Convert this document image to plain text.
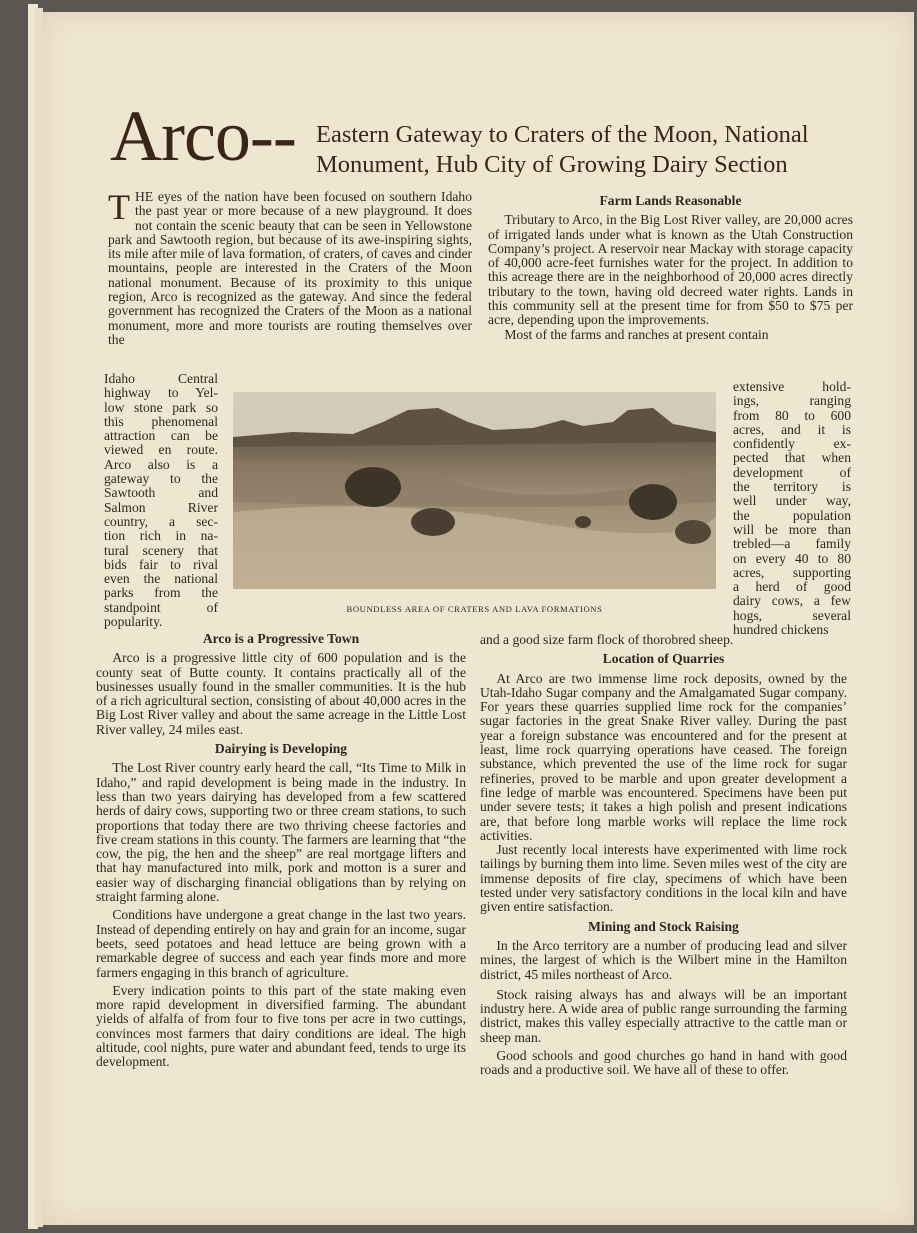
Arco-- Eastern Gateway to Craters of the Moon, National
Monument, Hub City of Growing Dairy Section

THE eyes of the nation have been focused on southern Idaho the past year or more because of a new playground. It does not contain the scenic beauty that can be seen in Yellowstone park and Sawtooth region, but because of its awe-inspiring sights, its mile after mile of lava formation, of craters, of caves and cinder mountains, people are interested in the Craters of the Moon national monument. Because of its proximity to this unique region, Arco is recognized as the gateway. And since the federal government has recognized the Craters of the Moon as a national monument, more and more tourists are routing themselves over the

Idaho Central
highway to Yel-
low stone park so
this phenomenal
attraction can be
viewed en route.
Arco also is a
gateway to the
Sawtooth and
Salmon River
country, a sec-
tion rich in na-
tural scenery that
bids fair to rival
even the national
parks from the
standpoint of
popularity.
BOUNDLESS AREA OF CRATERS AND LAVA FORMATIONS
Arco is a Progressive Town

Arco is a progressive little city of 600 population and is the county seat of Butte county. It contains practically all of the businesses usually found in the smaller communities. It is the hub of a rich agricultural section, consisting of about 40,000 acres in the Big Lost River valley and about the same acreage in the Little Lost River valley, 24 miles east.

Dairying is Developing

The Lost River country early heard the call, “Its Time to Milk in Idaho,” and rapid development is being made in the industry. In less than two years dairying has developed from a few scattered herds of dairy cows, supporting two or three cream stations, to such proportions that today there are two thriving cheese factories and five cream stations in this county. The farmers are learning that “the cow, the pig, the hen and the sheep” are real mortgage lifters and that hay manufactured into milk, pork and motton is a surer and easier way of discharging financial obligations than by relying on straight farming alone.

Conditions have undergone a great change in the last two years. Instead of depending entirely on hay and grain for an income, sugar beets, seed potatoes and head lettuce are being grown with a remarkable degree of success and each year finds more and more farmers engaging in this branch of agriculture.

Every indication points to this part of the state making even more rapid development in diversified farming. The abundant yields of alfalfa of from four to five tons per acre in two cuttings, convinces most farmers that dairy conditions are ideal. The high altitude, cool nights, pure water and abundant feed, tends to urge its development.

Farm Lands Reasonable

Tributary to Arco, in the Big Lost River valley, are 20,000 acres of irrigated lands under what is known as the Utah Construction Company’s project. A reservoir near Mackay with storage capacity of 40,000 acre-feet furnishes water for the project. In addition to this acreage there are in the neighborhood of 20,000 acres directly tributary to the town, having old decreed water rights. Lands in this community sell at the present time for from $50 to $75 per acre, depending upon the improvements.

Most of the farms and ranches at present contain

extensive hold-
ings, ranging
from 80 to 600
acres, and it is
confidently ex-
pected that when
development of
the territory is
well under way,
the population
will be more than
trebled—a family
on every 40 to 80
acres, supporting
a herd of good
dairy cows, a few
hogs, several
hundred chickens

and a good size farm flock of thorobred sheep.

Location of Quarries

At Arco are two immense lime rock deposits, owned by the Utah-Idaho Sugar company and the Amalgamated Sugar company. For years these quarries supplied lime rock for the companies’ sugar factories in the great Snake River valley. During the past year a foreign substance was encountered and for the present at least, lime rock quarrying operations have ceased. The foreign substance, which prevented the use of the lime rock for sugar refineries, proved to be marble and upon greater development a fine ledge of marble was encountered. Specimens have been put under severe tests; it takes a high polish and present indications are, that before long marble works will replace the lime rock activities.

Just recently local interests have experimented with lime rock tailings by burning them into lime. Seven miles west of the city are immense deposits of fire clay, specimens of which have been tested under very satisfactory conditions in the local kiln and have given entire satisfaction.

Mining and Stock Raising

In the Arco territory are a number of producing lead and silver mines, the largest of which is the Wilbert mine in the Hamilton district, 45 miles northeast of Arco.

Stock raising always has and always will be an important industry here. A wide area of public range surrounding the farming district, makes this valley especially attractive to the cattle man or sheep man.

Good schools and good churches go hand in hand with good roads and a productive soil. We have all of these to offer.
